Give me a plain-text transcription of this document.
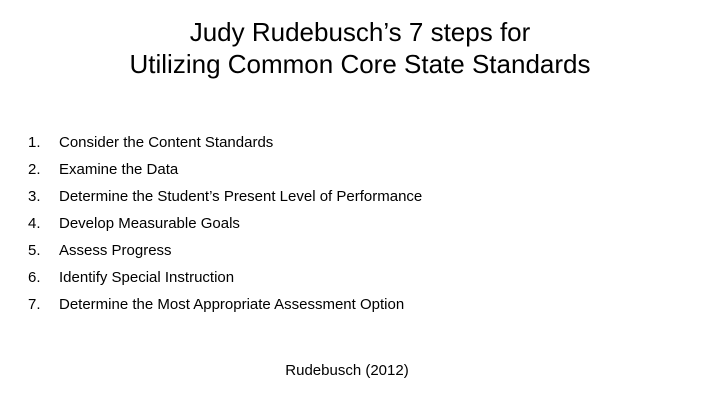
Judy Rudebusch’s 7 steps for
Utilizing Common Core State Standards
1.	Consider the Content Standards
2.	Examine the Data
3.	Determine the Student’s Present Level of Performance
4.	Develop Measurable Goals
5.	Assess Progress
6.	Identify Special Instruction
7.	Determine the Most Appropriate Assessment Option
Rudebusch (2012)
